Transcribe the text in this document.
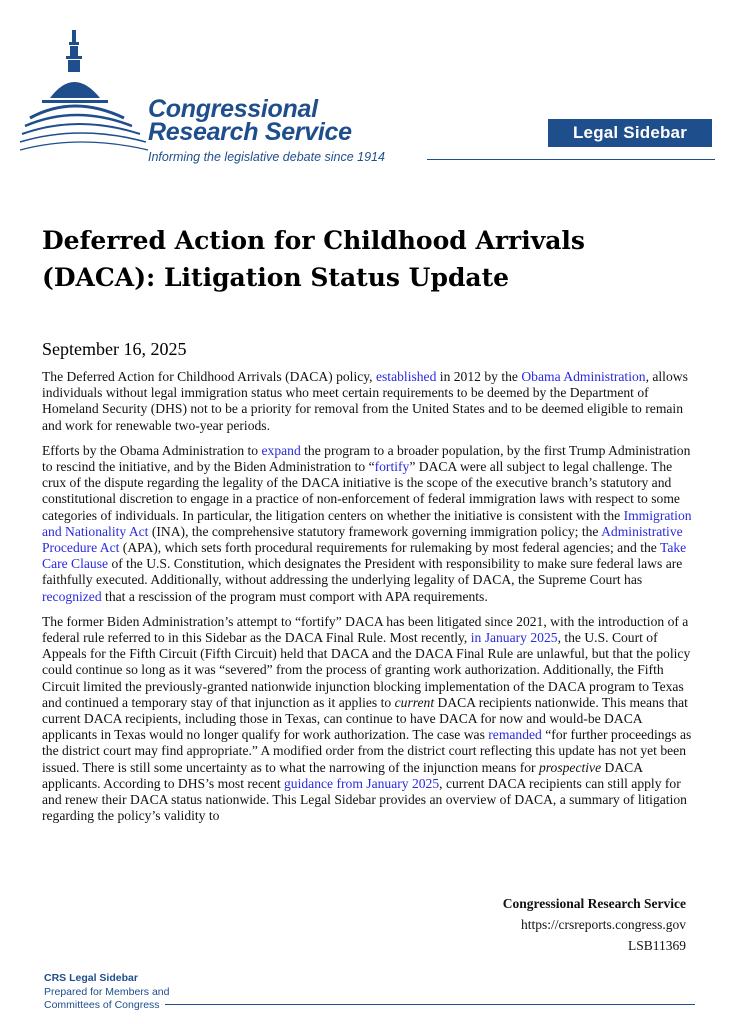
Congressional
Research Service
Informing the legislative debate since 1914
Legal Sidebar
Deferred Action for Childhood Arrivals
(DACA): Litigation Status Update
September 16, 2025

The Deferred Action for Childhood Arrivals (DACA) policy, established in 2012 by the Obama Administration, allows individuals without legal immigration status who meet certain requirements to be deemed by the Department of Homeland Security (DHS) not to be a priority for removal from the United States and to be deemed eligible to remain and work for renewable two-year periods.

Efforts by the Obama Administration to expand the program to a broader population, by the first Trump Administration to rescind the initiative, and by the Biden Administration to “fortify” DACA were all subject to legal challenge. The crux of the dispute regarding the legality of the DACA initiative is the scope of the executive branch’s statutory and constitutional discretion to engage in a practice of non-enforcement of federal immigration laws with respect to some categories of individuals. In particular, the litigation centers on whether the initiative is consistent with the Immigration and Nationality Act (INA), the comprehensive statutory framework governing immigration policy; the Administrative Procedure Act (APA), which sets forth procedural requirements for rulemaking by most federal agencies; and the Take Care Clause of the U.S. Constitution, which designates the President with responsibility to make sure federal laws are faithfully executed. Additionally, without addressing the underlying legality of DACA, the Supreme Court has recognized that a rescission of the program must comport with APA requirements.

The former Biden Administration’s attempt to “fortify” DACA has been litigated since 2021, with the introduction of a federal rule referred to in this Sidebar as the DACA Final Rule. Most recently, in January 2025, the U.S. Court of Appeals for the Fifth Circuit (Fifth Circuit) held that DACA and the DACA Final Rule are unlawful, but that the policy could continue so long as it was “severed” from the process of granting work authorization. Additionally, the Fifth Circuit limited the previously-granted nationwide injunction blocking implementation of the DACA program to Texas and continued a temporary stay of that injunction as it applies to current DACA recipients nationwide. This means that current DACA recipients, including those in Texas, can continue to have DACA for now and would-be DACA applicants in Texas would no longer qualify for work authorization. The case was remanded “for further proceedings as the district court may find appropriate.” A modified order from the district court reflecting this update has not yet been issued. There is still some uncertainty as to what the narrowing of the injunction means for prospective DACA applicants. According to DHS’s most recent guidance from January 2025, current DACA recipients can still apply for and renew their DACA status nationwide. This Legal Sidebar provides an overview of DACA, a summary of litigation regarding the policy’s validity to

Congressional Research Service
https://crsreports.congress.gov
LSB11369
CRS Legal Sidebar
Prepared for Members and
Committees of Congress
